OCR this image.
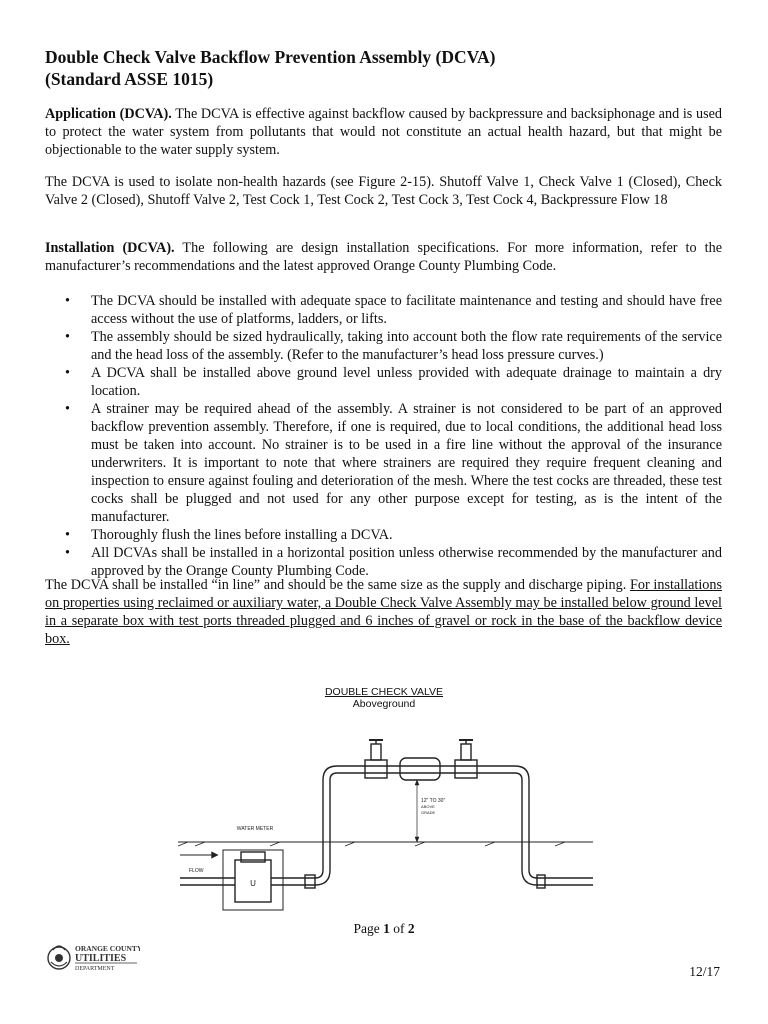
Double Check Valve Backflow Prevention Assembly (DCVA)
(Standard ASSE 1015)

Application (DCVA). The DCVA is effective against backflow caused by backpressure and backsiphonage and is used to protect the water system from pollutants that would not constitute an actual health hazard, but that might be objectionable to the water supply system.

The DCVA is used to isolate non-health hazards (see Figure 2-15). Shutoff Valve 1, Check Valve 1 (Closed), Check Valve 2 (Closed), Shutoff Valve 2, Test Cock 1, Test Cock 2, Test Cock 3, Test Cock 4, Backpressure Flow 18

Installation (DCVA). The following are design installation specifications. For more information, refer to the manufacturer’s recommendations and the latest approved Orange County Plumbing Code.

• The DCVA should be installed with adequate space to facilitate maintenance and testing and should have free access without the use of platforms, ladders, or lifts.
• The assembly should be sized hydraulically, taking into account both the flow rate requirements of the service and the head loss of the assembly. (Refer to the manufacturer’s head loss pressure curves.)
• A DCVA shall be installed above ground level unless provided with adequate drainage to maintain a dry location.
• A strainer may be required ahead of the assembly. A strainer is not considered to be part of an approved backflow prevention assembly. Therefore, if one is required, due to local conditions, the additional head loss must be taken into account. No strainer is to be used in a fire line without the approval of the insurance underwriters. It is important to note that where strainers are required they require frequent cleaning and inspection to ensure against fouling and deterioration of the mesh. Where the test cocks are threaded, these test cocks shall be plugged and not used for any other purpose except for testing, as is the intent of the manufacturer.
• Thoroughly flush the lines before installing a DCVA.
• All DCVAs shall be installed in a horizontal position unless otherwise recommended by the manufacturer and approved by the Orange County Plumbing Code.

The DCVA shall be installed “in line” and should be the same size as the supply and discharge piping. For installations on properties using reclaimed or auxiliary water, a Double Check Valve Assembly may be installed below ground level in a separate box with test ports threaded plugged and 6 inches of gravel or rock in the base of the backflow device box.

DOUBLE CHECK VALVE
Aboveground
U
WATER METER
FLOW
12" TO 30"
ABOVE
GRADE
Page 1 of 2
ORANGE COUNTY
UTILITIES
DEPARTMENT	12/17
